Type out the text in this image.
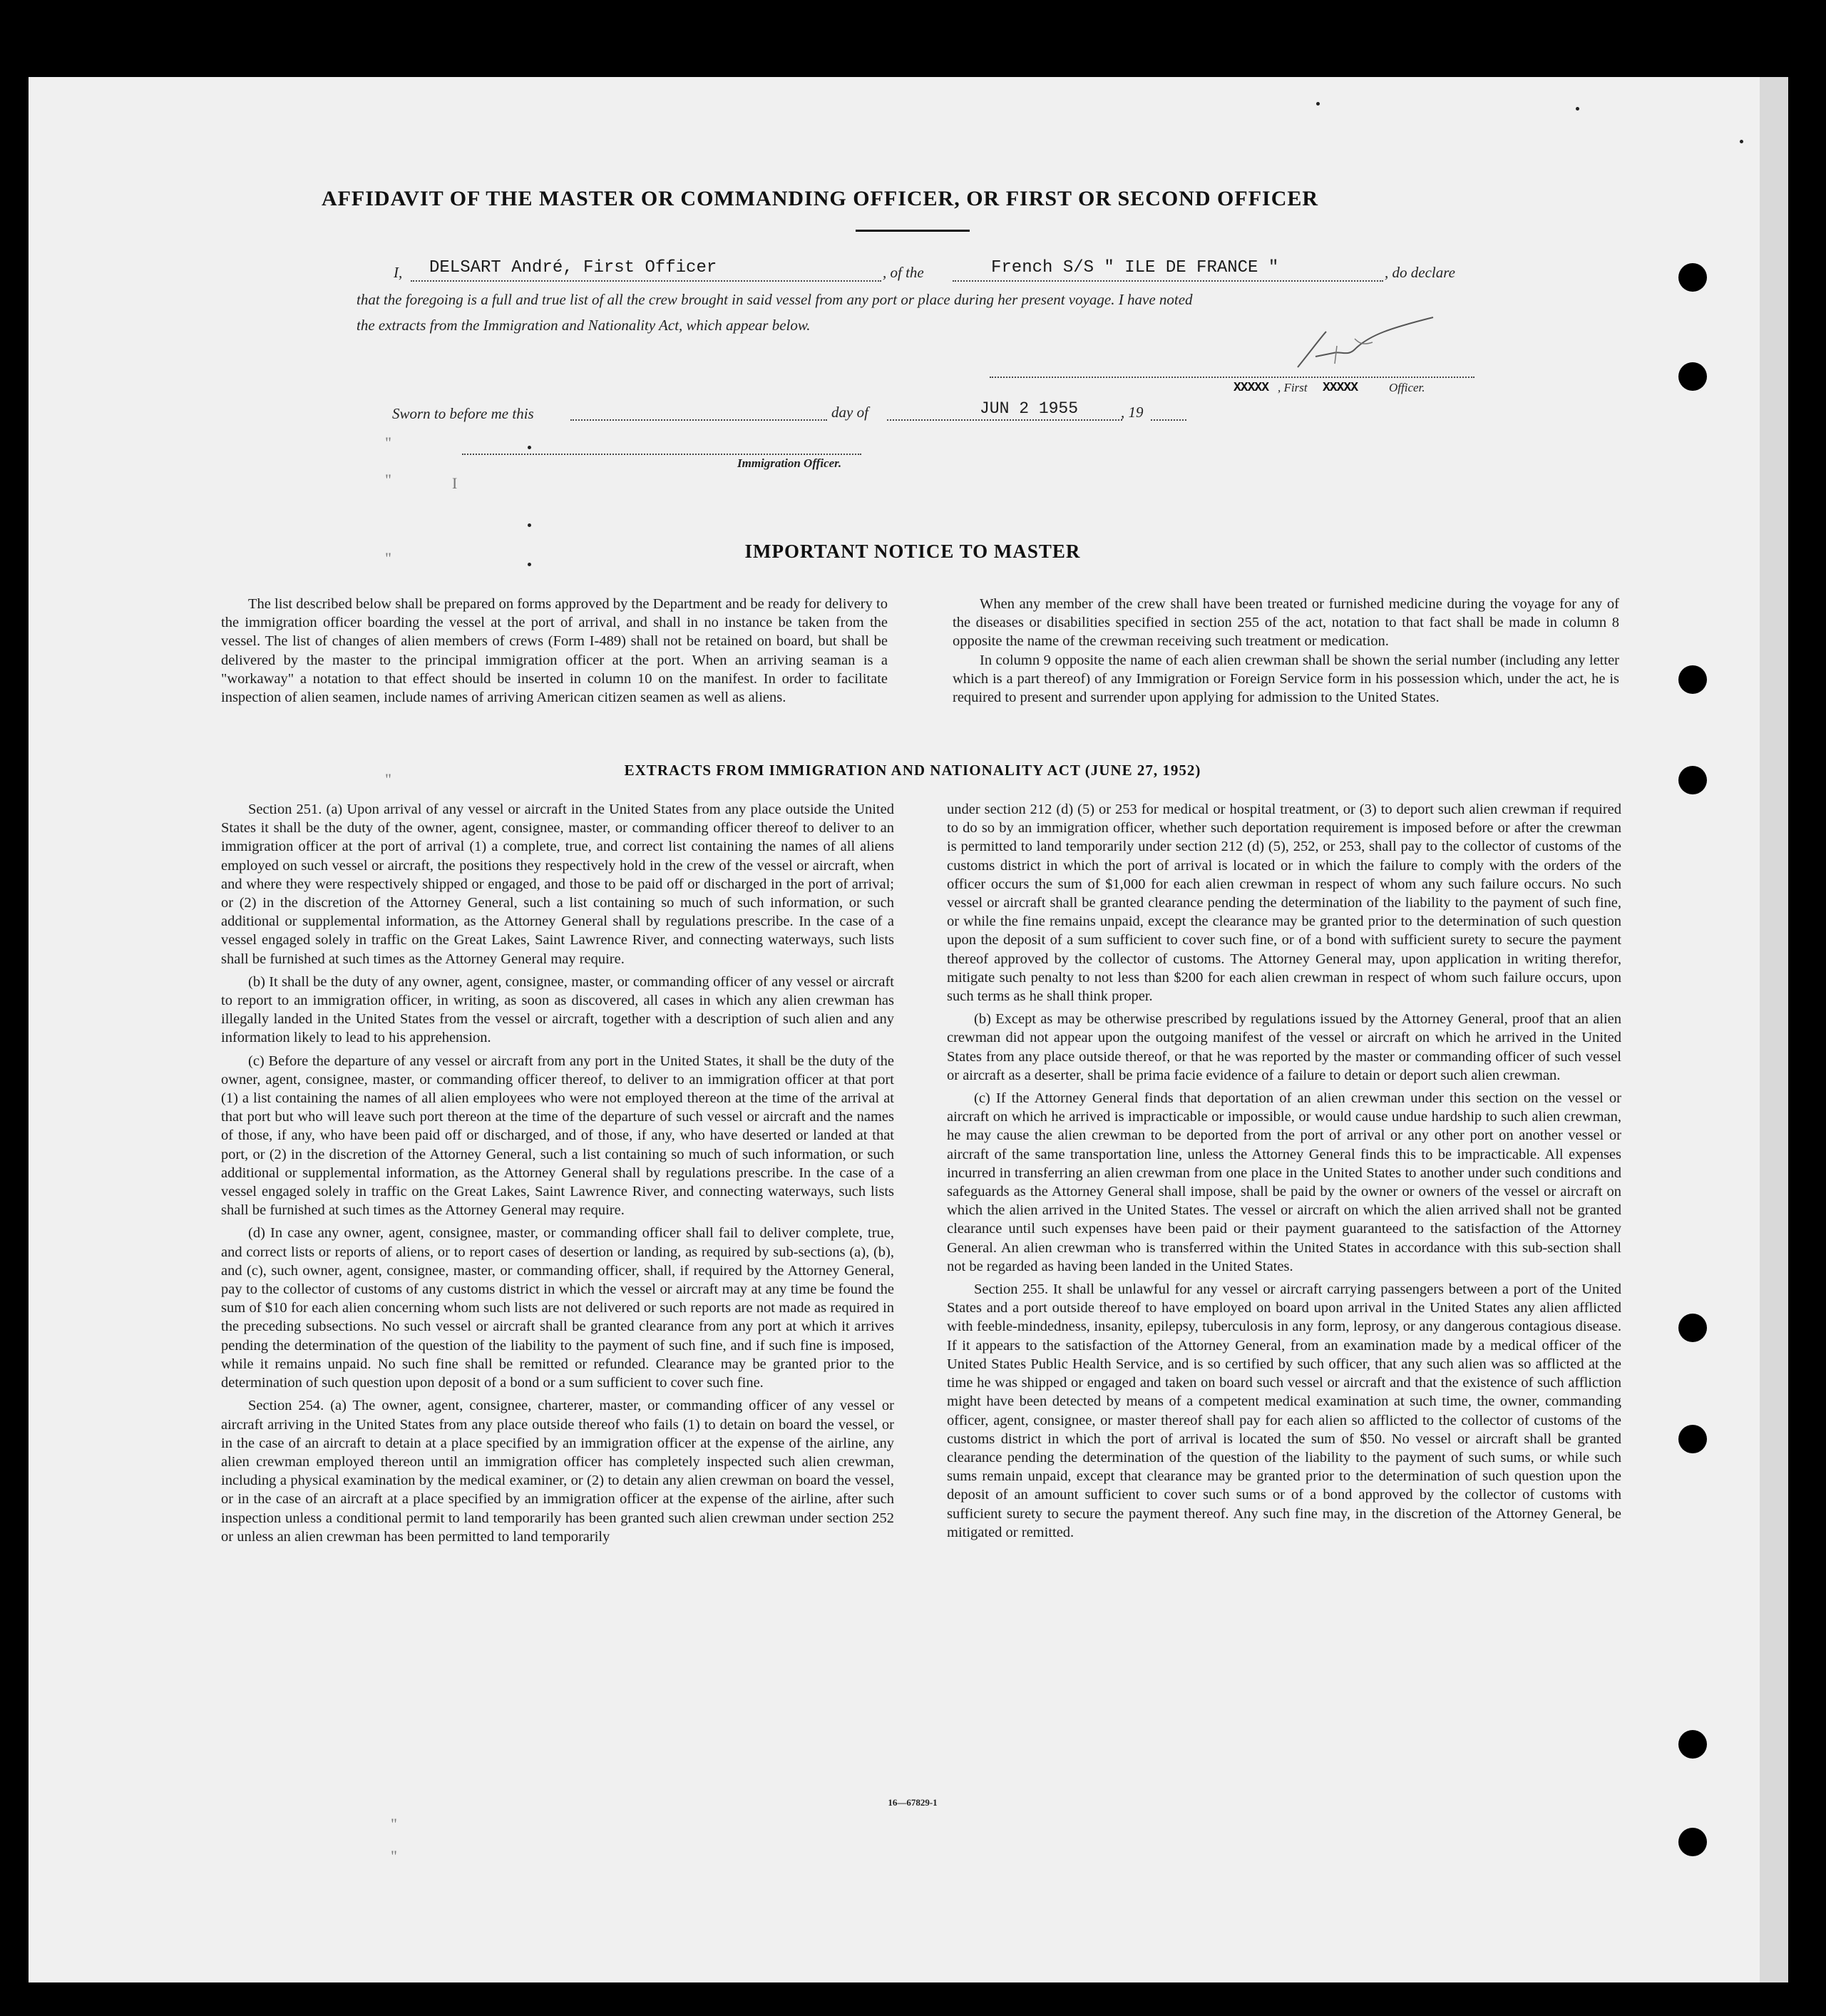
"
"
"
I
"
"
"
AFFIDAVIT OF THE MASTER OR COMMANDING OFFICER, OR FIRST OR SECOND OFFICER
I, DELSART André, First Officer	, of the	French S/S " ILE DE FRANCE "	, do declare
that the foregoing is a full and true list of all the crew brought in said vessel from any port or place during her present voyage. I have noted
the extracts from the Immigration and Nationality Act, which appear below.
XXXXX , First XXXXX	Officer.
Sworn to before me this	day of	JUN 2 1955	, 19
Immigration Officer.
IMPORTANT NOTICE TO MASTER

The list described below shall be prepared on forms approved by the Department and be ready for delivery to the immigration officer boarding the vessel at the port of arrival, and shall in no instance be taken from the vessel. The list of changes of alien members of crews (Form I-489) shall not be retained on board, but shall be delivered by the master to the principal immigration officer at the port. When an arriving seaman is a "workaway" a notation to that effect should be inserted in column 10 on the manifest. In order to facilitate inspection of alien seamen, include names of arriving American citizen seamen as well as aliens.

When any member of the crew shall have been treated or furnished medicine during the voyage for any of the diseases or disabilities specified in section 255 of the act, notation to that fact shall be made in column 8 opposite the name of the crewman receiving such treatment or medication.

In column 9 opposite the name of each alien crewman shall be shown the serial number (including any letter which is a part thereof) of any Immigration or Foreign Service form in his possession which, under the act, he is required to present and surrender upon applying for admission to the United States.

EXTRACTS FROM IMMIGRATION AND NATIONALITY ACT (JUNE 27, 1952)

Section 251. (a) Upon arrival of any vessel or aircraft in the United States from any place outside the United States it shall be the duty of the owner, agent, consignee, master, or commanding officer thereof to deliver to an immigration officer at the port of arrival (1) a complete, true, and correct list containing the names of all aliens employed on such vessel or aircraft, the positions they respectively hold in the crew of the vessel or aircraft, when and where they were respectively shipped or engaged, and those to be paid off or discharged in the port of arrival; or (2) in the discretion of the Attorney General, such a list containing so much of such information, or such additional or supplemental information, as the Attorney General shall by regulations prescribe. In the case of a vessel engaged solely in traffic on the Great Lakes, Saint Lawrence River, and connecting waterways, such lists shall be furnished at such times as the Attorney General may require.

(b) It shall be the duty of any owner, agent, consignee, master, or commanding officer of any vessel or aircraft to report to an immigration officer, in writing, as soon as discovered, all cases in which any alien crewman has illegally landed in the United States from the vessel or aircraft, together with a description of such alien and any information likely to lead to his apprehension.

(c) Before the departure of any vessel or aircraft from any port in the United States, it shall be the duty of the owner, agent, consignee, master, or commanding officer thereof, to deliver to an immigration officer at that port (1) a list containing the names of all alien employees who were not employed thereon at the time of the arrival at that port but who will leave such port thereon at the time of the departure of such vessel or aircraft and the names of those, if any, who have been paid off or discharged, and of those, if any, who have deserted or landed at that port, or (2) in the discretion of the Attorney General, such a list containing so much of such information, or such additional or supplemental information, as the Attorney General shall by regulations prescribe. In the case of a vessel engaged solely in traffic on the Great Lakes, Saint Lawrence River, and connecting waterways, such lists shall be furnished at such times as the Attorney General may require.

(d) In case any owner, agent, consignee, master, or commanding officer shall fail to deliver complete, true, and correct lists or reports of aliens, or to report cases of desertion or landing, as required by sub-sections (a), (b), and (c), such owner, agent, consignee, master, or commanding officer, shall, if required by the Attorney General, pay to the collector of customs of any customs district in which the vessel or aircraft may at any time be found the sum of $10 for each alien concerning whom such lists are not delivered or such reports are not made as required in the preceding subsections. No such vessel or aircraft shall be granted clearance from any port at which it arrives pending the determination of the question of the liability to the payment of such fine, and if such fine is imposed, while it remains unpaid. No such fine shall be remitted or refunded. Clearance may be granted prior to the determination of such question upon deposit of a bond or a sum sufficient to cover such fine.

Section 254. (a) The owner, agent, consignee, charterer, master, or commanding officer of any vessel or aircraft arriving in the United States from any place outside thereof who fails (1) to detain on board the vessel, or in the case of an aircraft to detain at a place specified by an immigration officer at the expense of the airline, any alien crewman employed thereon until an immigration officer has completely inspected such alien crewman, including a physical examination by the medical examiner, or (2) to detain any alien crewman on board the vessel, or in the case of an aircraft at a place specified by an immigration officer at the expense of the airline, after such inspection unless a conditional permit to land temporarily has been granted such alien crewman under section 252 or unless an alien crewman has been permitted to land temporarily

under section 212 (d) (5) or 253 for medical or hospital treatment, or (3) to deport such alien crewman if required to do so by an immigration officer, whether such deportation requirement is imposed before or after the crewman is permitted to land temporarily under section 212 (d) (5), 252, or 253, shall pay to the collector of customs of the customs district in which the port of arrival is located or in which the failure to comply with the orders of the officer occurs the sum of $1,000 for each alien crewman in respect of whom any such failure occurs. No such vessel or aircraft shall be granted clearance pending the determination of the liability to the payment of such fine, or while the fine remains unpaid, except the clearance may be granted prior to the determination of such question upon the deposit of a sum sufficient to cover such fine, or of a bond with sufficient surety to secure the payment thereof approved by the collector of customs. The Attorney General may, upon application in writing therefor, mitigate such penalty to not less than $200 for each alien crewman in respect of whom such failure occurs, upon such terms as he shall think proper.

(b) Except as may be otherwise prescribed by regulations issued by the Attorney General, proof that an alien crewman did not appear upon the outgoing manifest of the vessel or aircraft on which he arrived in the United States from any place outside thereof, or that he was reported by the master or commanding officer of such vessel or aircraft as a deserter, shall be prima facie evidence of a failure to detain or deport such alien crewman.

(c) If the Attorney General finds that deportation of an alien crewman under this section on the vessel or aircraft on which he arrived is impracticable or impossible, or would cause undue hardship to such alien crewman, he may cause the alien crewman to be deported from the port of arrival or any other port on another vessel or aircraft of the same transportation line, unless the Attorney General finds this to be impracticable. All expenses incurred in transferring an alien crewman from one place in the United States to another under such conditions and safeguards as the Attorney General shall impose, shall be paid by the owner or owners of the vessel or aircraft on which the alien arrived in the United States. The vessel or aircraft on which the alien arrived shall not be granted clearance until such expenses have been paid or their payment guaranteed to the satisfaction of the Attorney General. An alien crewman who is transferred within the United States in accordance with this sub-section shall not be regarded as having been landed in the United States.

Section 255. It shall be unlawful for any vessel or aircraft carrying passengers between a port of the United States and a port outside thereof to have employed on board upon arrival in the United States any alien afflicted with feeble-mindedness, insanity, epilepsy, tuberculosis in any form, leprosy, or any dangerous contagious disease. If it appears to the satisfaction of the Attorney General, from an examination made by a medical officer of the United States Public Health Service, and is so certified by such officer, that any such alien was so afflicted at the time he was shipped or engaged and taken on board such vessel or aircraft and that the existence of such affliction might have been detected by means of a competent medical examination at such time, the owner, commanding officer, agent, consignee, or master thereof shall pay for each alien so afflicted to the collector of customs of the customs district in which the port of arrival is located the sum of $50. No vessel or aircraft shall be granted clearance pending the determination of the question of the liability to the payment of such sums, or while such sums remain unpaid, except that clearance may be granted prior to the determination of such question upon the deposit of an amount sufficient to cover such sums or of a bond approved by the collector of customs with sufficient surety to secure the payment thereof. Any such fine may, in the discretion of the Attorney General, be mitigated or remitted.

16—67829-1
